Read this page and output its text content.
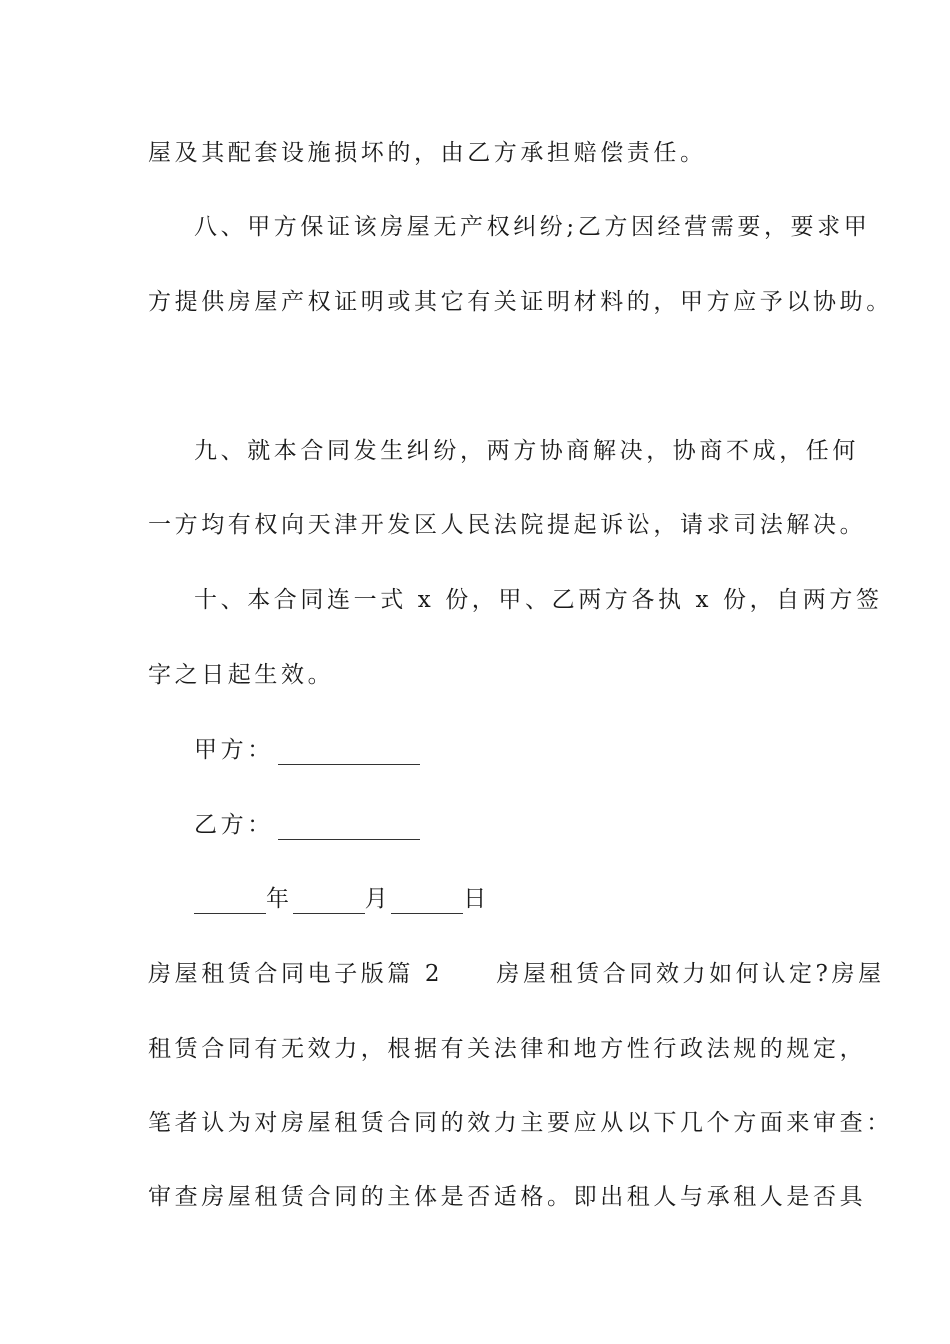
屋及其配套设施损坏的，由乙方承担赔偿责任。
八、甲方保证该房屋无产权纠纷;乙方因经营需要，要求甲
方提供房屋产权证明或其它有关证明材料的，甲方应予以协助。
九、就本合同发生纠纷，两方协商解决，协商不成，任何
一方均有权向天津开发区人民法院提起诉讼，请求司法解决。
十、本合同连一式 x 份，甲、乙两方各执 x 份，自两方签
字之日起生效。
甲方：
乙方：
年	月	日
房屋租赁合同电子版篇 2　　房屋租赁合同效力如何认定?房屋
租赁合同有无效力，根据有关法律和地方性行政法规的规定，
笔者认为对房屋租赁合同的效力主要应从以下几个方面来审查：
审查房屋租赁合同的主体是否适格。即出租人与承租人是否具
